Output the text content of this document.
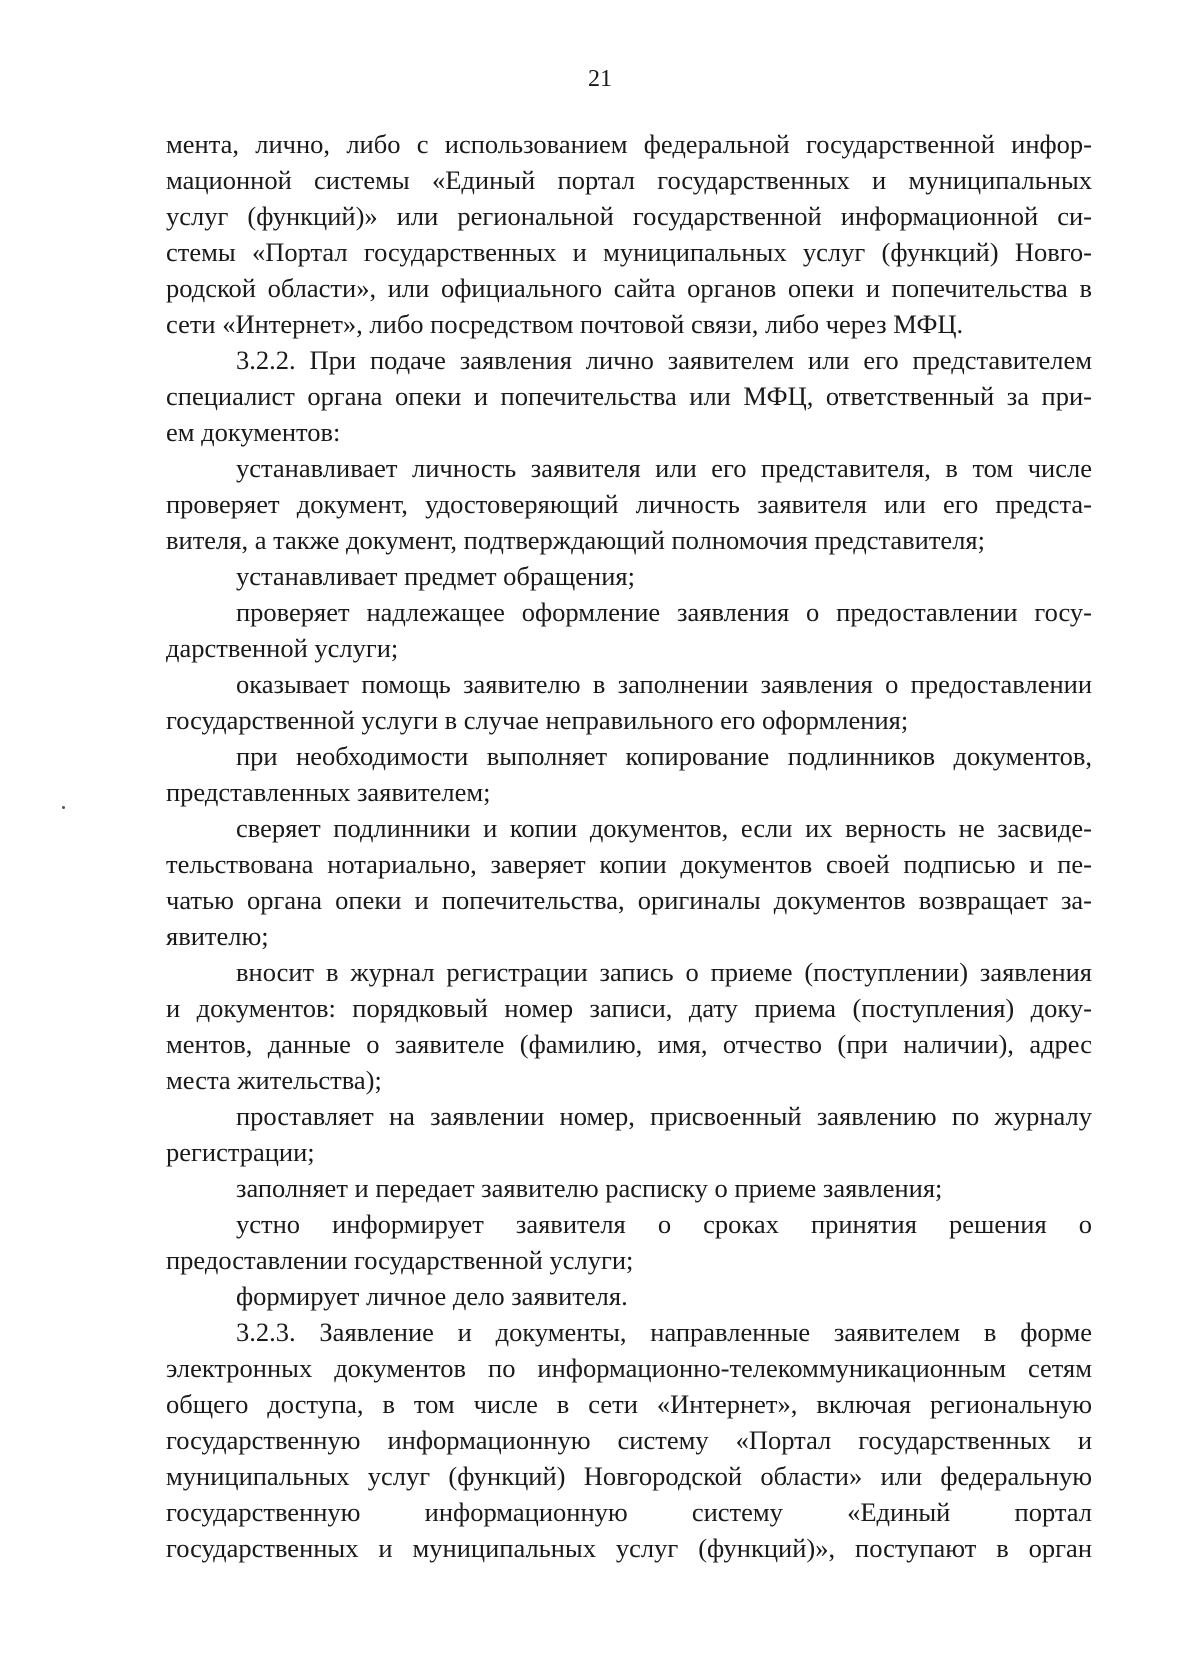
21
мента, лично, либо с использованием федеральной государственной инфор-
мационной системы «Единый портал государственных и муниципальных
услуг (функций)» или региональной государственной информационной си-
стемы «Портал государственных и муниципальных услуг (функций) Новго-
родской области», или официального сайта органов опеки и попечительства в
сети «Интернет», либо посредством почтовой связи, либо через МФЦ.
3.2.2. При подаче заявления лично заявителем или его представителем
специалист органа опеки и попечительства или МФЦ, ответственный за при-
ем документов:
устанавливает личность заявителя или его представителя, в том числе
проверяет документ, удостоверяющий личность заявителя или его предста-
вителя, а также документ, подтверждающий полномочия представителя;
устанавливает предмет обращения;
проверяет надлежащее оформление заявления о предоставлении госу-
дарственной услуги;
оказывает помощь заявителю в заполнении заявления о предоставлении
государственной услуги в случае неправильного его оформления;
при необходимости выполняет копирование подлинников документов,
представленных заявителем;
сверяет подлинники и копии документов, если их верность не засвиде-
тельствована нотариально, заверяет копии документов своей подписью и пе-
чатью органа опеки и попечительства, оригиналы документов возвращает за-
явителю;
вносит в журнал регистрации запись о приеме (поступлении) заявления
и документов: порядковый номер записи, дату приема (поступления) доку-
ментов, данные о заявителе (фамилию, имя, отчество (при наличии), адрес
места жительства);
проставляет на заявлении номер, присвоенный заявлению по журналу
регистрации;
заполняет и передает заявителю расписку о приеме заявления;
устно информирует заявителя о сроках принятия решения о
предоставлении государственной услуги;
формирует личное дело заявителя.
3.2.3. Заявление и документы, направленные заявителем в форме
электронных документов по информационно-телекоммуникационным сетям
общего доступа, в том числе в сети «Интернет», включая региональную
государственную информационную систему «Портал государственных и
муниципальных услуг (функций) Новгородской области» или федеральную
государственную информационную систему «Единый портал
государственных и муниципальных услуг (функций)», поступают в орган
